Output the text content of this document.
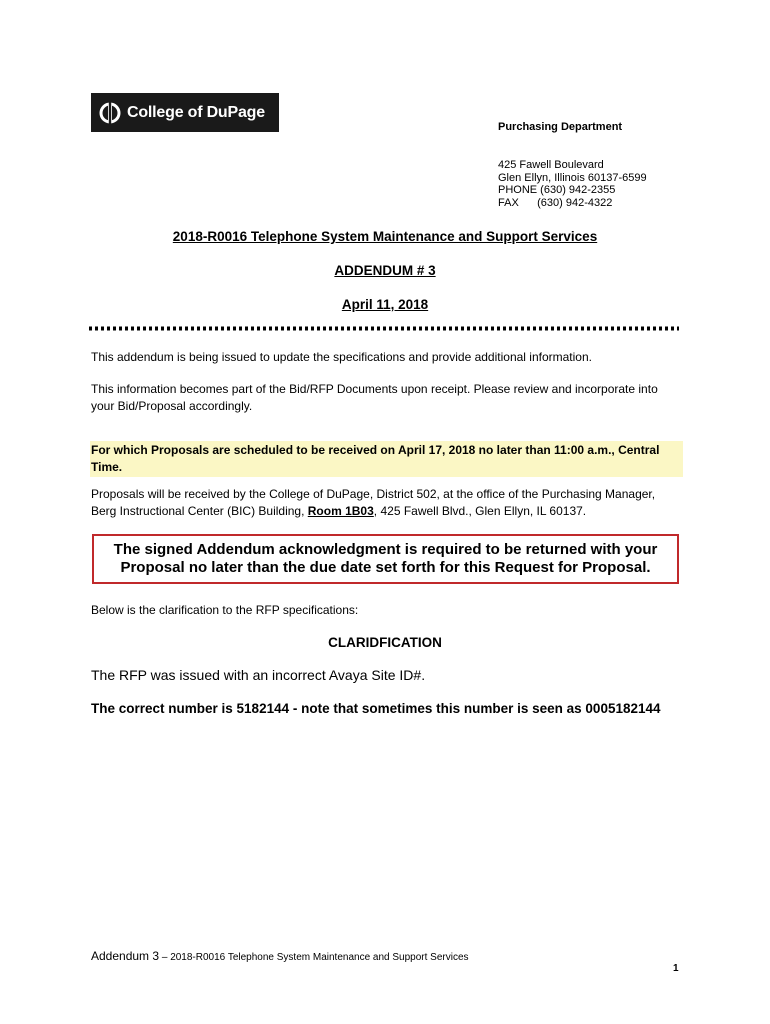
College of DuPage
Purchasing Department
425 Fawell Boulevard
Glen Ellyn, Illinois 60137-6599
PHONE (630) 942-2355
FAX      (630) 942-4322
2018-R0016 Telephone System Maintenance and Support Services
ADDENDUM # 3
April 11, 2018
This addendum is being issued to update the specifications and provide additional information.
This information becomes part of the Bid/RFP Documents upon receipt. Please review and incorporate into your Bid/Proposal accordingly.
For which Proposals are scheduled to be received on April 17, 2018 no later than 11:00 a.m., Central Time.
Proposals will be received by the College of DuPage, District 502, at the office of the Purchasing Manager, Berg Instructional Center (BIC) Building, Room 1B03, 425 Fawell Blvd., Glen Ellyn, IL 60137.
The signed Addendum acknowledgment is required to be returned with your Proposal no later than the due date set forth for this Request for Proposal.
Below is the clarification to the RFP specifications:
CLARIDFICATION
The RFP was issued with an incorrect Avaya Site ID#.
The correct number is 5182144 - note that sometimes this number is seen as 0005182144
Addendum 3 – 2018-R0016 Telephone System Maintenance and Support Services
1
